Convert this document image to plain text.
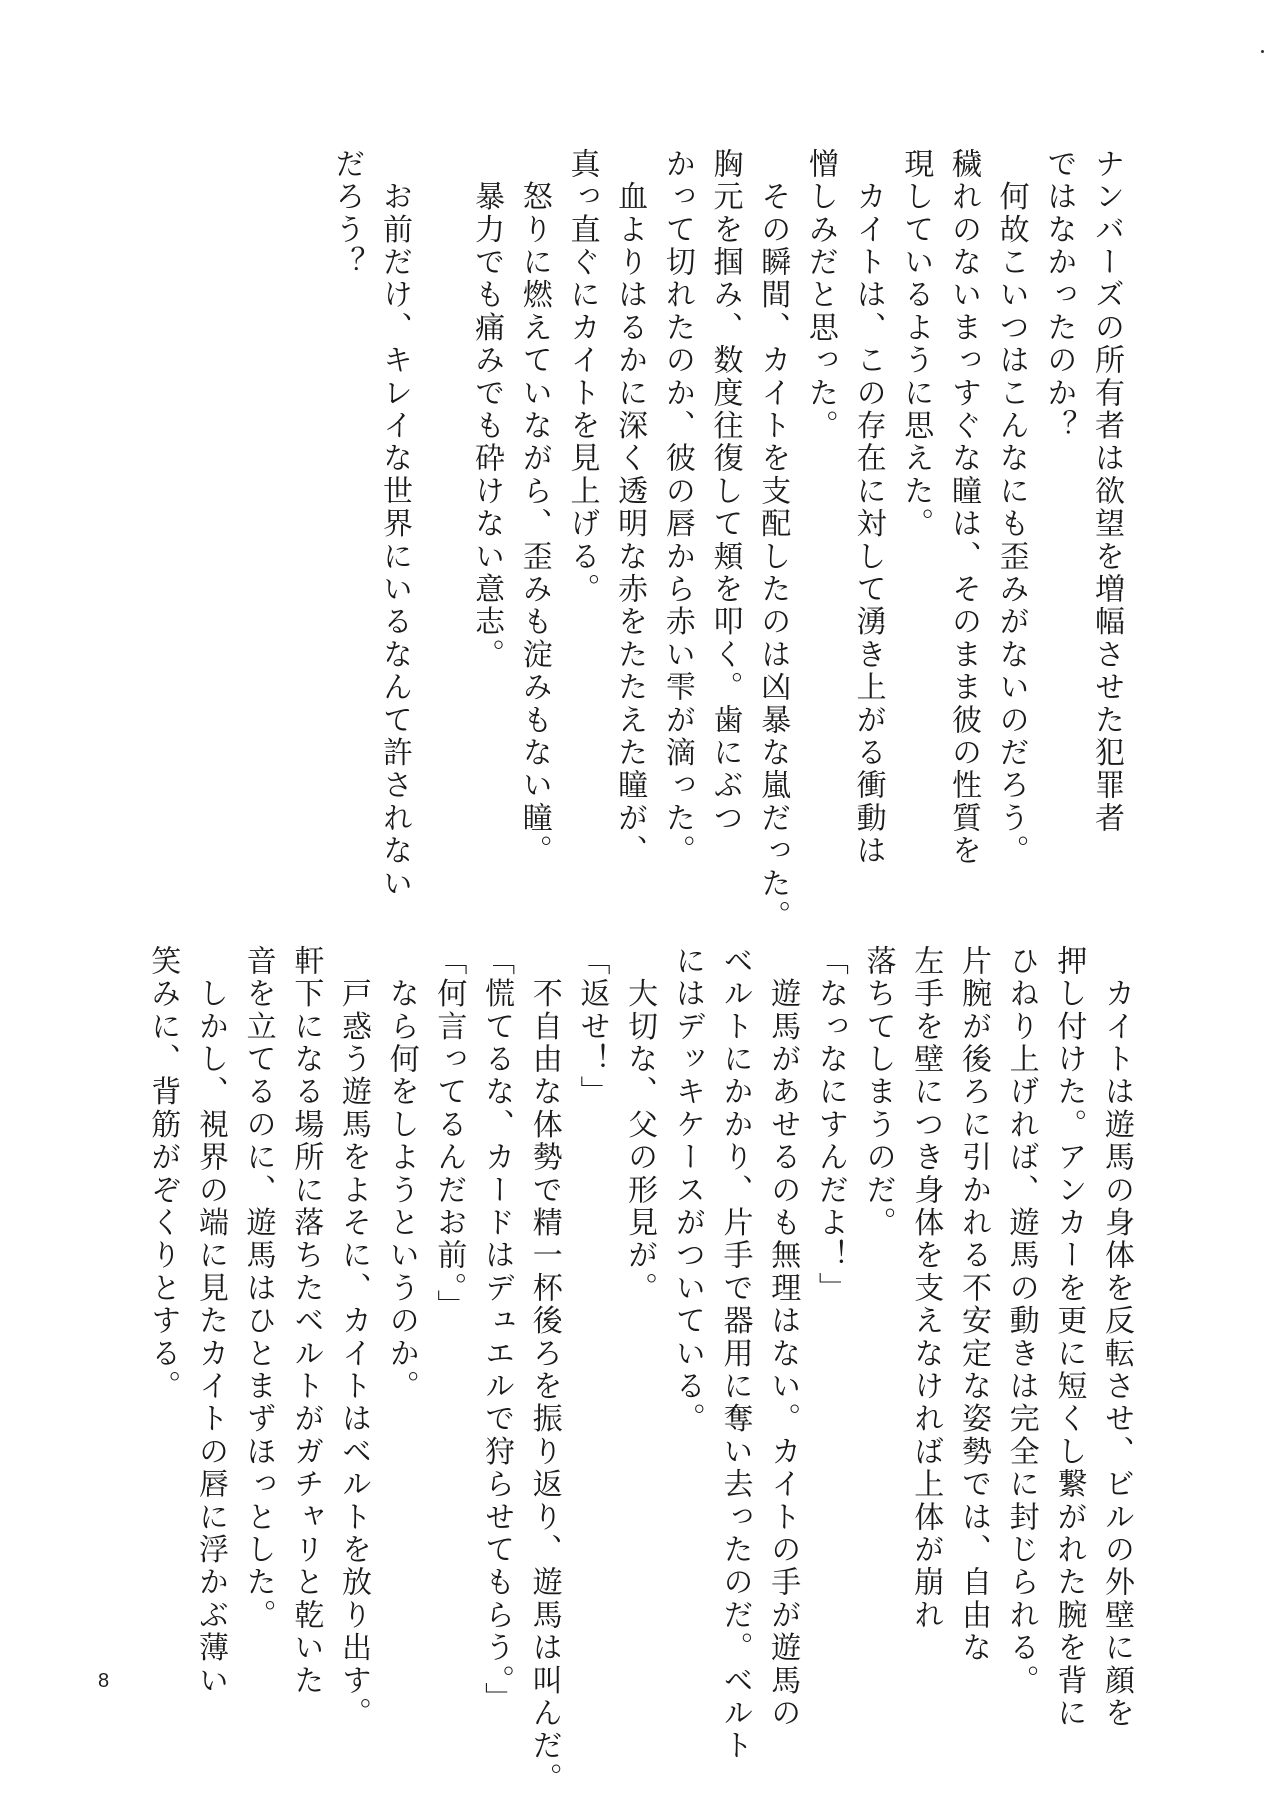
ナンバーズの所有者は欲望を増幅させた犯罪者

ではなかったのか？

　何故こいつはこんなにも歪みがないのだろう。

穢れのないまっすぐな瞳は、そのまま彼の性質を

現しているように思えた。

　カイトは、この存在に対して湧き上がる衝動は

憎しみだと思った。

　その瞬間、カイトを支配したのは凶暴な嵐だった。

胸元を掴み、数度往復して頬を叩く。歯にぶつ

かって切れたのか、彼の唇から赤い雫が滴った。

　血よりはるかに深く透明な赤をたたえた瞳が、

真っ直ぐにカイトを見上げる。

　怒りに燃えていながら、歪みも淀みもない瞳。

　暴力でも痛みでも砕けない意志。

　お前だけ、キレイな世界にいるなんて許されない

だろう？

　カイトは遊馬の身体を反転させ、ビルの外壁に顔を

押し付けた。アンカーを更に短くし繋がれた腕を背に

ひねり上げれば、遊馬の動きは完全に封じられる。

片腕が後ろに引かれる不安定な姿勢では、自由な

左手を壁につき身体を支えなければ上体が崩れ

落ちてしまうのだ。

「なっなにすんだよ！」

　遊馬があせるのも無理はない。カイトの手が遊馬の

ベルトにかかり、片手で器用に奪い去ったのだ。ベルト

にはデッキケースがついている。

　大切な、父の形見が。

「返せ！」

　不自由な体勢で精一杯後ろを振り返り、遊馬は叫んだ。

「慌てるな、カードはデュエルで狩らせてもらう。」

「何言ってるんだお前。」

　なら何をしようというのか。

　戸惑う遊馬をよそに、カイトはベルトを放り出す。

軒下になる場所に落ちたベルトがガチャリと乾いた

音を立てるのに、遊馬はひとまずほっとした。

　しかし、視界の端に見たカイトの唇に浮かぶ薄い

笑みに、背筋がぞくりとする。

8
